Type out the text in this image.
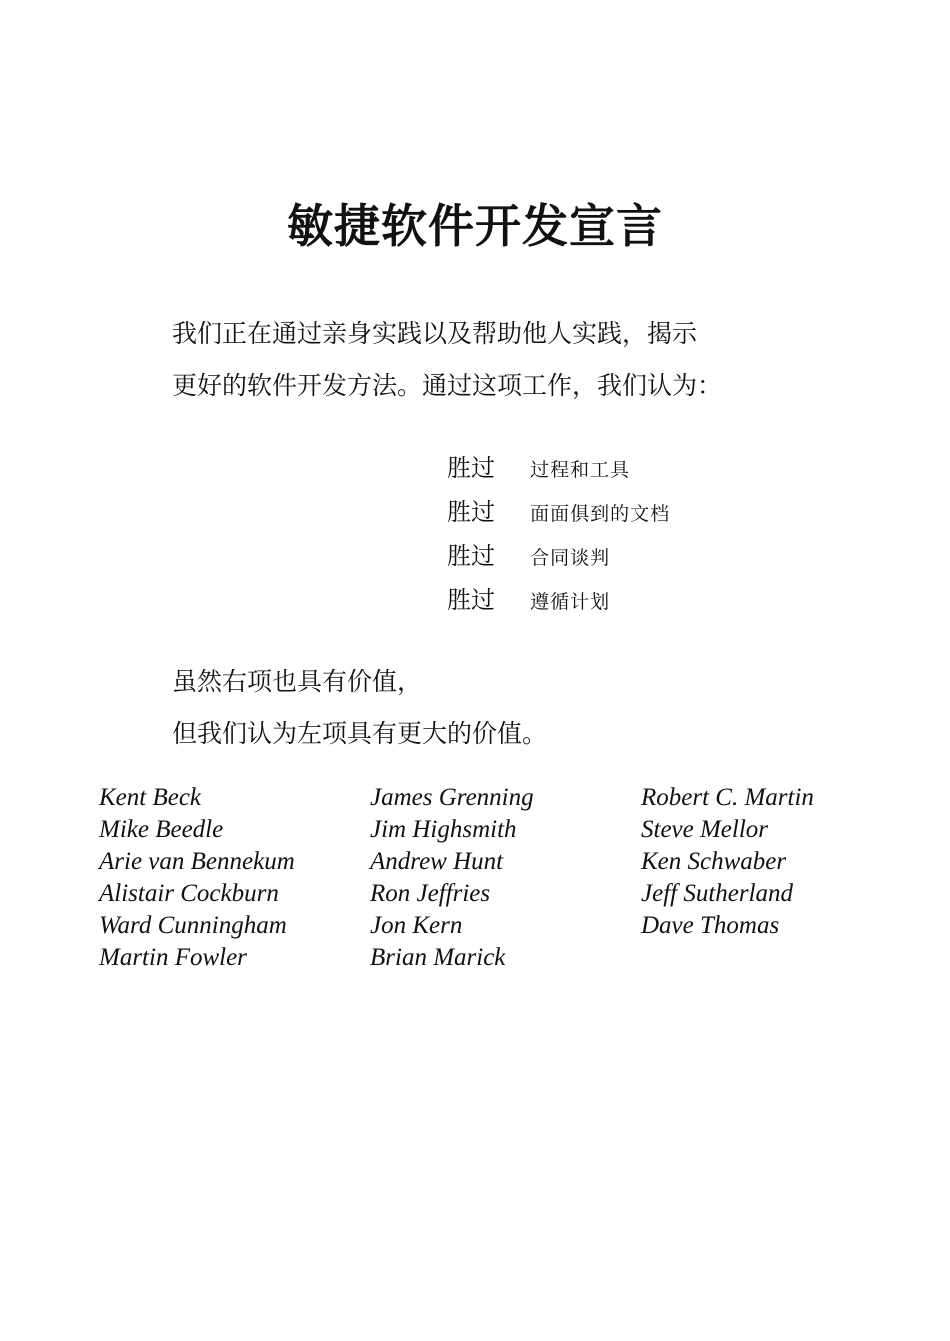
敏捷软件开发宣言

我们正在通过亲身实践以及帮助他人实践，揭示
更好的软件开发方法。通过这项工作，我们认为：

胜过 过程和工具
胜过 面面俱到的文档
胜过 合同谈判
胜过 遵循计划

虽然右项也具有价值，
但我们认为左项具有更大的价值。

Kent Beck
Mike Beedle
Arie van Bennekum
Alistair Cockburn
Ward Cunningham
Martin Fowler
James Grenning
Jim Highsmith
Andrew Hunt
Ron Jeffries
Jon Kern
Brian Marick
Robert C. Martin
Steve Mellor
Ken Schwaber
Jeff Sutherland
Dave Thomas
